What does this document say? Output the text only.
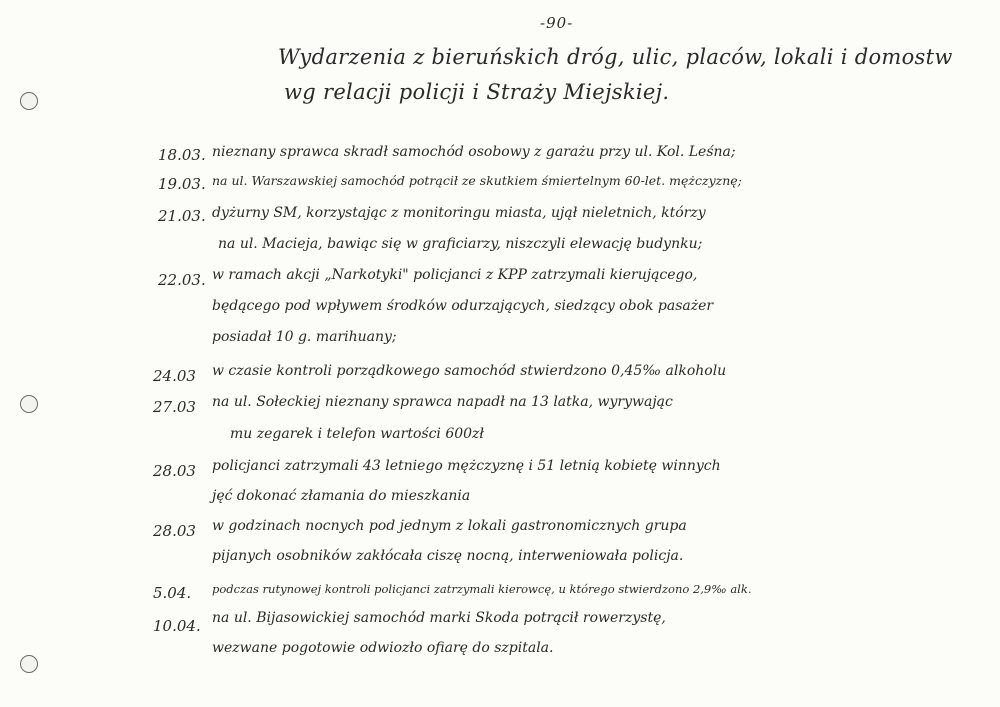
-90-
Wydarzenia z bieruńskich dróg, ulic, placów, lokali i domostw
wg relacji policji i Straży Miejskiej.
18.03. nieznany sprawca skradł samochód osobowy z garażu przy ul. Kol. Leśna;
19.03. na ul. Warszawskiej samochód potrącił ze skutkiem śmiertelnym 60-let. mężczyznę;
21.03. dyżurny SM, korzystając z monitoringu miasta, ujął nieletnich, którzy
na ul. Macieja, bawiąc się w graficiarzy, niszczyli elewację budynku;
22.03. w ramach akcji „Narkotyki" policjanci z KPP zatrzymali kierującego,
będącego pod wpływem środków odurzających, siedzący obok pasażer
posiadał 10 g. marihuany;
24.03 w czasie kontroli porządkowego samochód stwierdzono 0,45‰ alkoholu
27.03 na ul. Sołeckiej nieznany sprawca napadł na 13 latka, wyrywając
mu zegarek i telefon wartości 600zł
28.03 policjanci zatrzymali 43 letniego mężczyznę i 51 letnią kobietę winnych
jęć dokonać złamania do mieszkania
28.03 w godzinach nocnych pod jednym z lokali gastronomicznych grupa
pijanych osobników zakłócała ciszę nocną, interweniowała policja.
5.04. podczas rutynowej kontroli policjanci zatrzymali kierowcę, u którego stwierdzono 2,9‰ alk.
10.04. na ul. Bijasowickiej samochód marki Skoda potrącił rowerzystę,
wezwane pogotowie odwiozło ofiarę do szpitala.
